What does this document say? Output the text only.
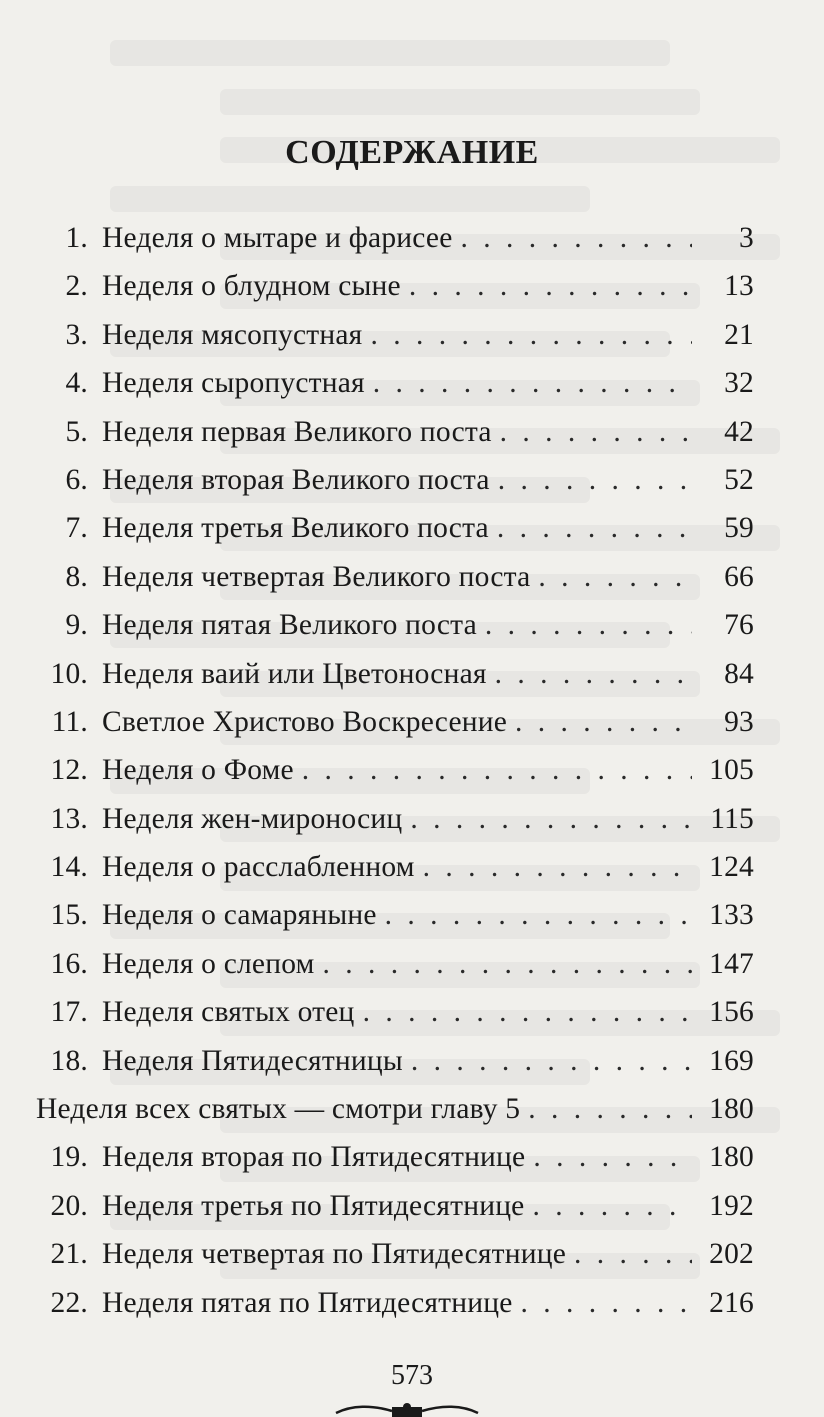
СОДЕРЖАНИЕ
1. Неделя о мытаре и фарисее . . .	3
2. Неделя о блудном сыне . . .	13
3. Неделя мясопустная . . .	21
4. Неделя сыропустная . . .	32
5. Неделя первая Великого поста . . .	42
6. Неделя вторая Великого поста . . .	52
7. Неделя третья Великого поста . . .	59
8. Неделя четвертая Великого поста . . .	66
9. Неделя пятая Великого поста . . .	76
10. Неделя ваий или Цветоносная . . .	84
11. Светлое Христово Воскресение . . .	93
12. Неделя о Фоме . . .	105
13. Неделя жен-мироносиц . . .	115
14. Неделя о расслабленном . . .	124
15. Неделя о самаряныне . . .	133
16. Неделя о слепом . . .	147
17. Неделя святых отец . . .	156
18. Неделя Пятидесятницы . . .	169
Неделя всех святых — смотри главу 5 . . .	180
19. Неделя вторая по Пятидесятнице . . .	180
20. Неделя третья по Пятидесятнице . . .	192
21. Неделя четвертая по Пятидесятнице . . .	202
22. Неделя пятая по Пятидесятнице . . .	216
573
